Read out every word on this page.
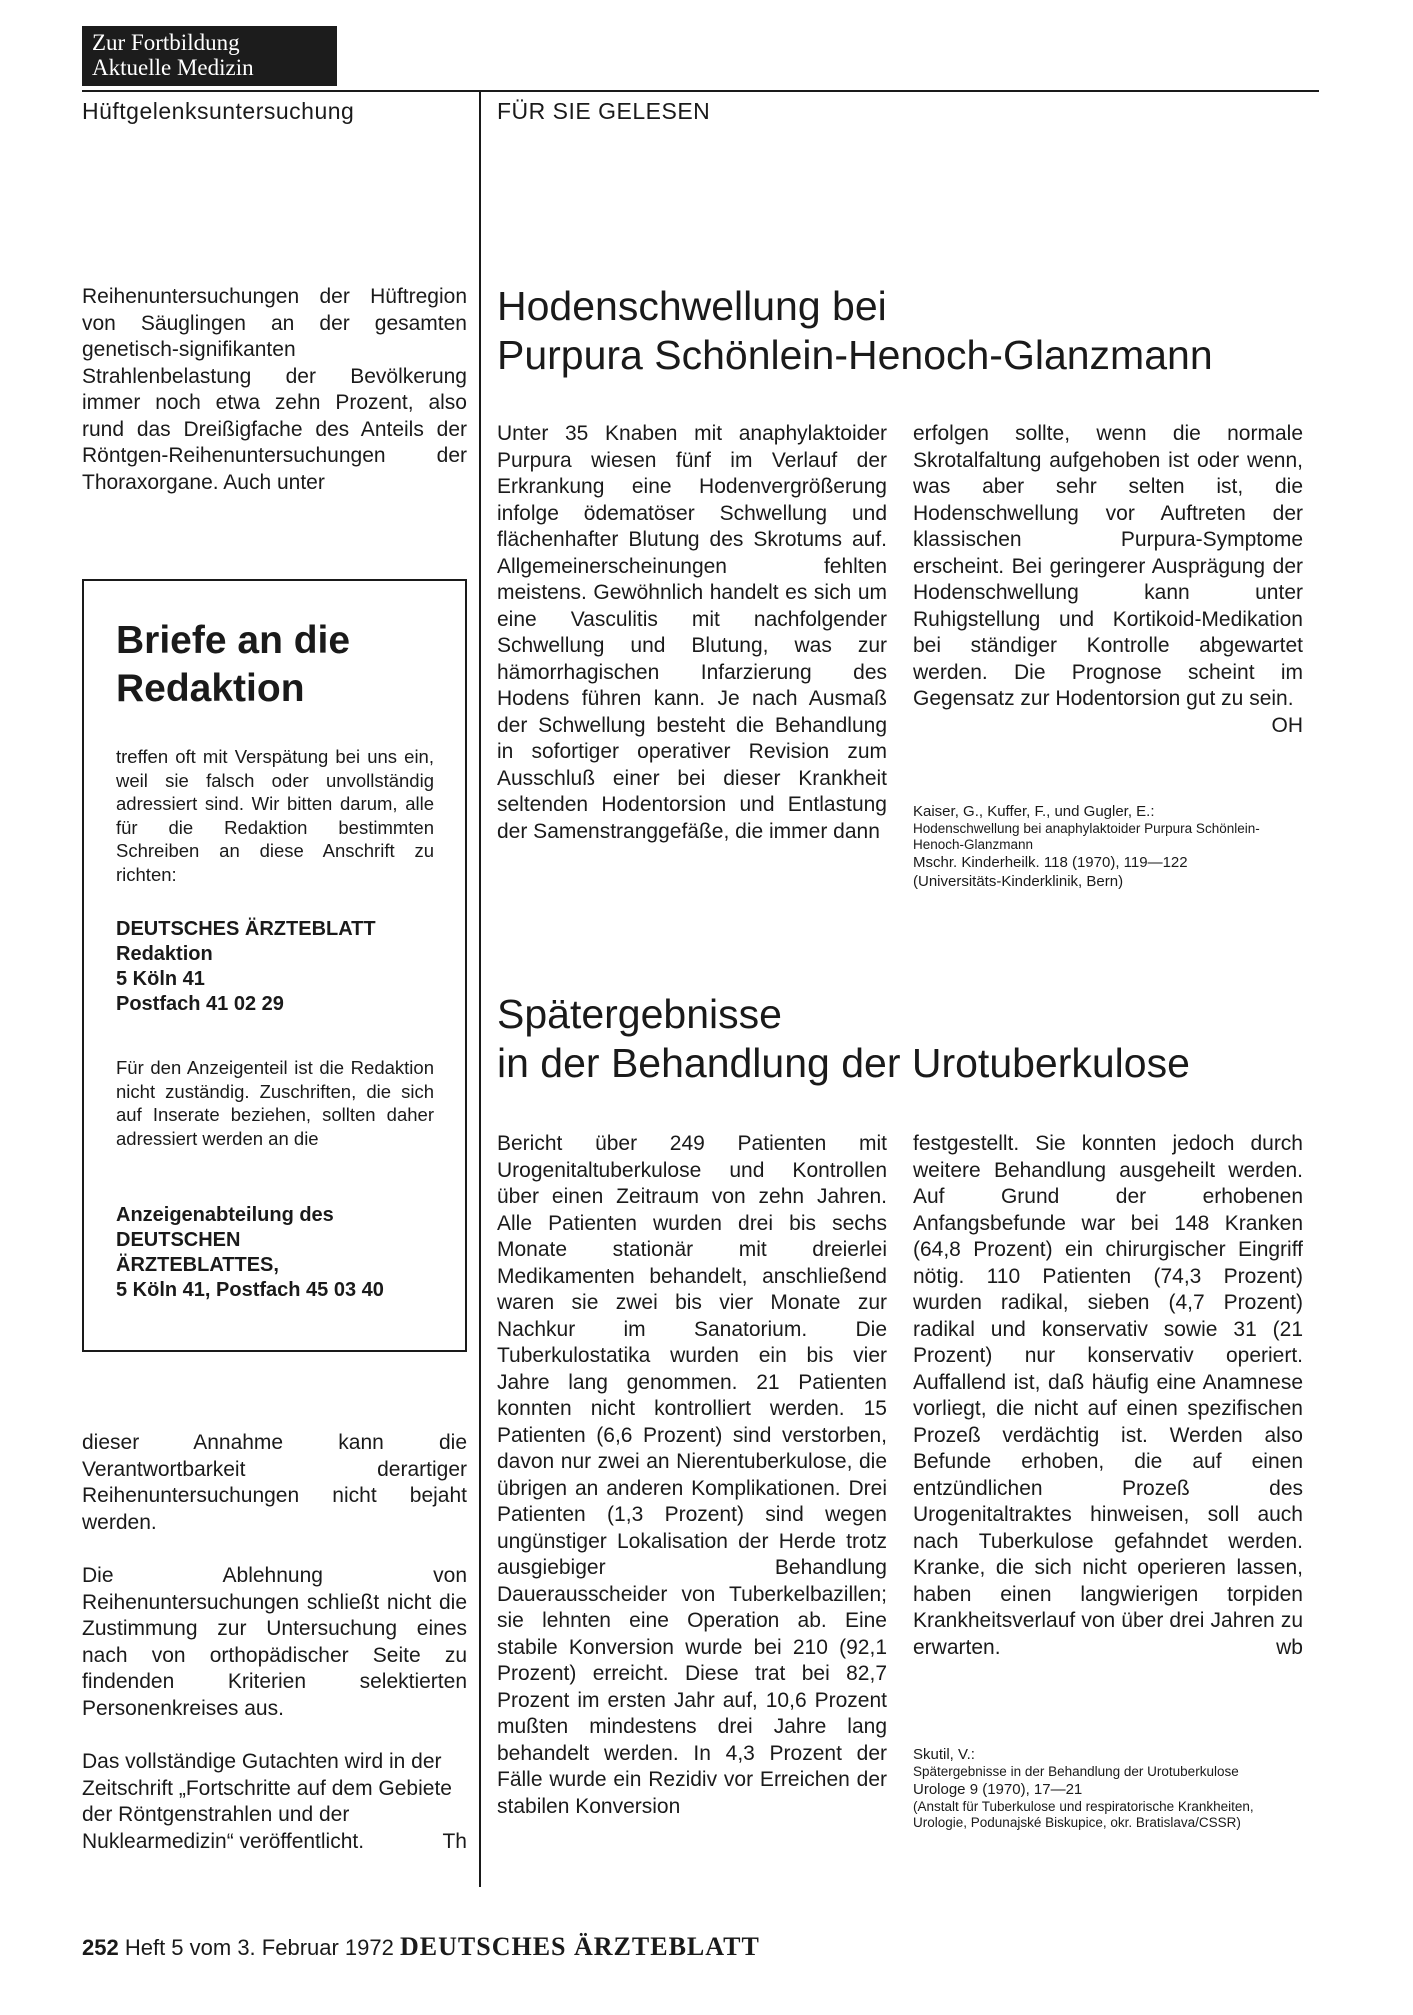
Zur Fortbildung
Aktuelle Medizin
Hüftgelenksuntersuchung	FÜR SIE GELESEN
Reihenuntersuchungen der Hüftregion von Säuglingen an der gesamten genetisch-signifikanten Strahlenbelastung der Bevölkerung immer noch etwa zehn Prozent, also rund das Dreißigfache des Anteils der Röntgen-Reihenuntersuchungen der Thoraxorgane. Auch unter
Briefe an die
Redaktion
treffen oft mit Verspätung bei uns ein, weil sie falsch oder unvollständig adressiert sind. Wir bitten darum, alle für die Redaktion bestimmten Schreiben an diese Anschrift zu richten:
DEUTSCHES ÄRZTEBLATT
Redaktion
5 Köln 41
Postfach 41 02 29
Für den Anzeigenteil ist die Redaktion nicht zuständig. Zuschriften, die sich auf Inserate beziehen, sollten daher adressiert werden an die
Anzeigenabteilung des
DEUTSCHEN
ÄRZTEBLATTES,
5 Köln 41, Postfach 45 03 40

dieser Annahme kann die Verantwortbarkeit derartiger Reihenuntersuchungen nicht bejaht werden.

Die Ablehnung von Reihenuntersuchungen schließt nicht die Zustimmung zur Untersuchung eines nach von orthopädischer Seite zu findenden Kriterien selektierten Personenkreises aus.

Das vollständige Gutachten wird in der Zeitschrift „Fortschritte auf dem Gebiete der Röntgenstrahlen und der Nuklearmedizin“ veröffentlicht.	Th

Hodenschwellung bei
Purpura Schönlein-Henoch-Glanzmann
Unter 35 Knaben mit anaphylaktoider Purpura wiesen fünf im Verlauf der Erkrankung eine Hodenvergrößerung infolge ödematöser Schwellung und flächenhafter Blutung des Skrotums auf. Allgemeinerscheinungen fehlten meistens. Gewöhnlich handelt es sich um eine Vasculitis mit nachfolgender Schwellung und Blutung, was zur hämorrhagischen Infarzierung des Hodens führen kann. Je nach Ausmaß der Schwellung besteht die Behandlung in sofortiger operativer Revision zum Ausschluß einer bei dieser Krankheit seltenden Hodentorsion und Entlastung der Samenstranggefäße, die immer dann
erfolgen sollte, wenn die normale Skrotalfaltung aufgehoben ist oder wenn, was aber sehr selten ist, die Hodenschwellung vor Auftreten der klassischen Purpura-Symptome erscheint. Bei geringerer Ausprägung der Hodenschwellung kann unter Ruhigstellung und Kortikoid-Medikation bei ständiger Kontrolle abgewartet werden. Die Prognose scheint im Gegensatz zur Hodentorsion gut zu sein.
OH
Kaiser, G., Kuffer, F., und Gugler, E.:
Hodenschwellung bei anaphylaktoider Purpura Schönlein-Henoch-Glanzmann
Mschr. Kinderheilk. 118 (1970), 119—122
(Universitäts-Kinderklinik, Bern)
Spätergebnisse
in der Behandlung der Urotuberkulose
Bericht über 249 Patienten mit Urogenitaltuberkulose und Kontrollen über einen Zeitraum von zehn Jahren. Alle Patienten wurden drei bis sechs Monate stationär mit dreierlei Medikamenten behandelt, anschließend waren sie zwei bis vier Monate zur Nachkur im Sanatorium. Die Tuberkulostatika wurden ein bis vier Jahre lang genommen. 21 Patienten konnten nicht kontrolliert werden. 15 Patienten (6,6 Prozent) sind verstorben, davon nur zwei an Nierentuberkulose, die übrigen an anderen Komplikationen. Drei Patienten (1,3 Prozent) sind wegen ungünstiger Lokalisation der Herde trotz ausgiebiger Behandlung Dauerausscheider von Tuberkelbazillen; sie lehnten eine Operation ab. Eine stabile Konversion wurde bei 210 (92,1 Prozent) erreicht. Diese trat bei 82,7 Prozent im ersten Jahr auf, 10,6 Prozent mußten mindestens drei Jahre lang behandelt werden. In 4,3 Prozent der Fälle wurde ein Rezidiv vor Erreichen der stabilen Konversion
festgestellt. Sie konnten jedoch durch weitere Behandlung ausgeheilt werden. Auf Grund der erhobenen Anfangsbefunde war bei 148 Kranken (64,8 Prozent) ein chirurgischer Eingriff nötig. 110 Patienten (74,3 Prozent) wurden radikal, sieben (4,7 Prozent) radikal und konservativ sowie 31 (21 Prozent) nur konservativ operiert. Auffallend ist, daß häufig eine Anamnese vorliegt, die nicht auf einen spezifischen Prozeß verdächtig ist. Werden also Befunde erhoben, die auf einen entzündlichen Prozeß des Urogenitaltraktes hinweisen, soll auch nach Tuberkulose gefahndet werden. Kranke, die sich nicht operieren lassen, haben einen langwierigen torpiden Krankheitsverlauf von über drei Jahren zu erwarten.	wb
Skutil, V.:
Spätergebnisse in der Behandlung der Urotuberkulose
Urologe 9 (1970), 17—21
(Anstalt für Tuberkulose und respiratorische Krankheiten, Urologie, Podunajské Biskupice, okr. Bratislava/CSSR)
252 Heft 5 vom 3. Februar 1972 DEUTSCHES ÄRZTEBLATT
